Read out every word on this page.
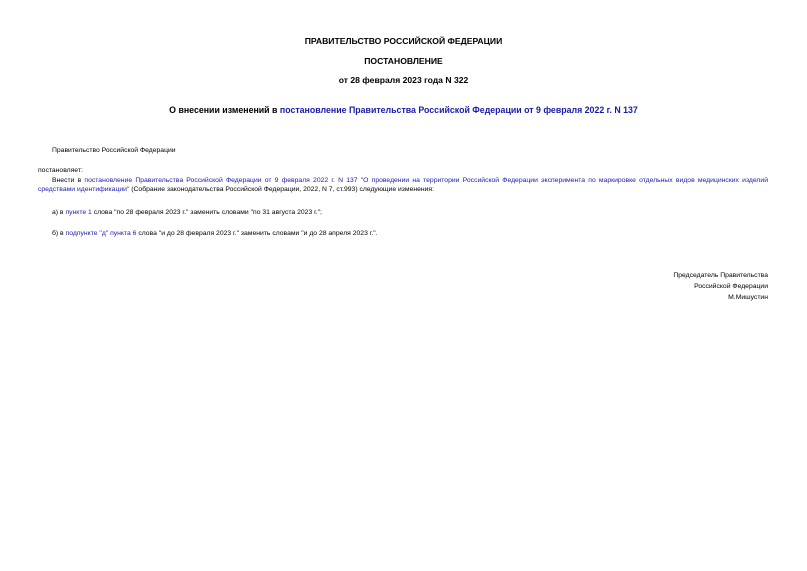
ПРАВИТЕЛЬСТВО РОССИЙСКОЙ ФЕДЕРАЦИИ
ПОСТАНОВЛЕНИЕ
от 28 февраля 2023 года N 322
О внесении изменений в постановление Правительства Российской Федерации от 9 февраля 2022 г. N 137
Правительство Российской Федерации
постановляет:
Внести в постановление Правительства Российской Федерации от 9 февраля 2022 г. N 137 "О проведении на территории Российской Федерации эксперимента по маркировке отдельных видов медицинских изделий средствами идентификации" (Собрание законодательства Российской Федерации, 2022, N 7, ст.993) следующие изменения:
а) в пункте 1 слова "по 28 февраля 2023 г." заменить словами "по 31 августа 2023 г.";
б) в подпункте "д" пункта 6 слова "и до 28 февраля 2023 г." заменить словами "и до 28 апреля 2023 г.".
Председатель Правительства
Российской Федерации
М.Мишустин
